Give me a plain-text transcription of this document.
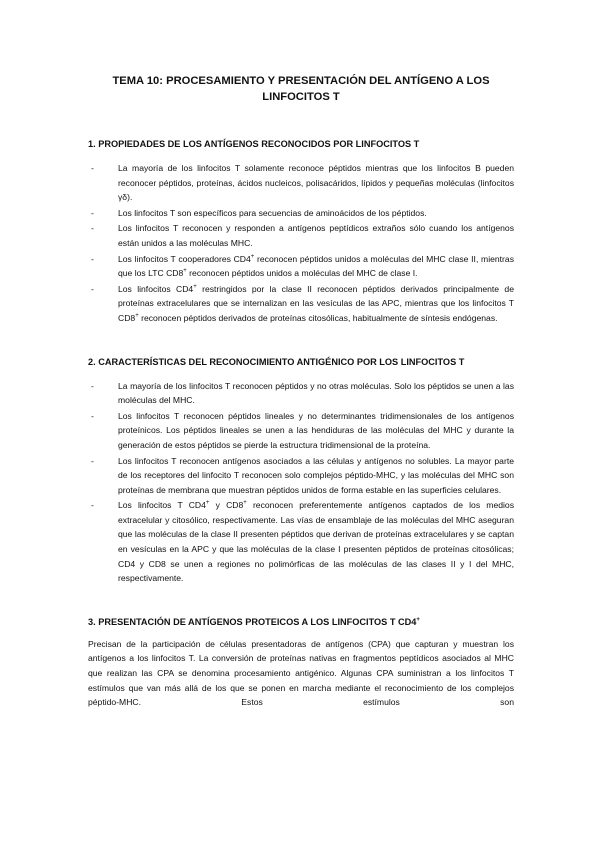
TEMA 10: PROCESAMIENTO Y PRESENTACIÓN DEL ANTÍGENO A LOS
LINFOCITOS T
1. PROPIEDADES DE LOS ANTÍGENOS RECONOCIDOS POR LINFOCITOS T
-	La mayoría de los linfocitos T solamente reconoce péptidos mientras que los linfocitos B pueden reconocer péptidos, proteínas, ácidos nucleicos, polisacáridos, lípidos y pequeñas moléculas (linfocitos γδ).
-	Los linfocitos T son específicos para secuencias de aminoácidos de los péptidos.
-	Los linfocitos T reconocen y responden a antígenos peptídicos extraños sólo cuando los antígenos están unidos a las moléculas MHC.
-	Los linfocitos T cooperadores CD4+ reconocen péptidos unidos a moléculas del MHC clase II, mientras que los LTC CD8+ reconocen péptidos unidos a moléculas del MHC de clase I.
-	Los linfocitos CD4+ restringidos por la clase II reconocen péptidos derivados principalmente de proteínas extracelulares que se internalizan en las vesículas de las APC, mientras que los linfocitos T CD8+ reconocen péptidos derivados de proteínas citosólicas, habitualmente de síntesis endógenas.
2. CARACTERÍSTICAS DEL RECONOCIMIENTO ANTIGÉNICO POR LOS LINFOCITOS T
-	La mayoría de los linfocitos T reconocen péptidos y no otras moléculas. Solo los péptidos se unen a las moléculas del MHC.
-	Los linfocitos T reconocen péptidos lineales y no determinantes tridimensionales de los antígenos proteínicos. Los péptidos lineales se unen a las hendiduras de las moléculas del MHC y durante la generación de estos péptidos se pierde la estructura tridimensional de la proteína.
-	Los linfocitos T reconocen antígenos asociados a las células y antígenos no solubles. La mayor parte de los receptores del linfocito T reconocen solo complejos péptido-MHC, y las moléculas del MHC son proteínas de membrana que muestran péptidos unidos de forma estable en las superficies celulares.
-	Los linfocitos T CD4+ y CD8+ reconocen preferentemente antígenos captados de los medios extracelular y citosólico, respectivamente. Las vías de ensamblaje de las moléculas del MHC aseguran que las moléculas de la clase II presenten péptidos que derivan de proteínas extracelulares y se captan en vesículas en la APC y que las moléculas de la clase I presenten péptidos de proteínas citosólicas; CD4 y CD8 se unen a regiones no polimórficas de las moléculas de las clases II y I del MHC, respectivamente.
3. PRESENTACIÓN DE ANTÍGENOS PROTEICOS A LOS LINFOCITOS T CD4+

Precisan de la participación de células presentadoras de antígenos (CPA) que capturan y muestran los antígenos a los linfocitos T. La conversión de proteínas nativas en fragmentos peptídicos asociados al MHC que realizan las CPA se denomina procesamiento antigénico. Algunas CPA suministran a los linfocitos T estímulos que van más allá de los que se ponen en marcha mediante el reconocimiento de los complejos péptido-MHC. Estos estímulos son
